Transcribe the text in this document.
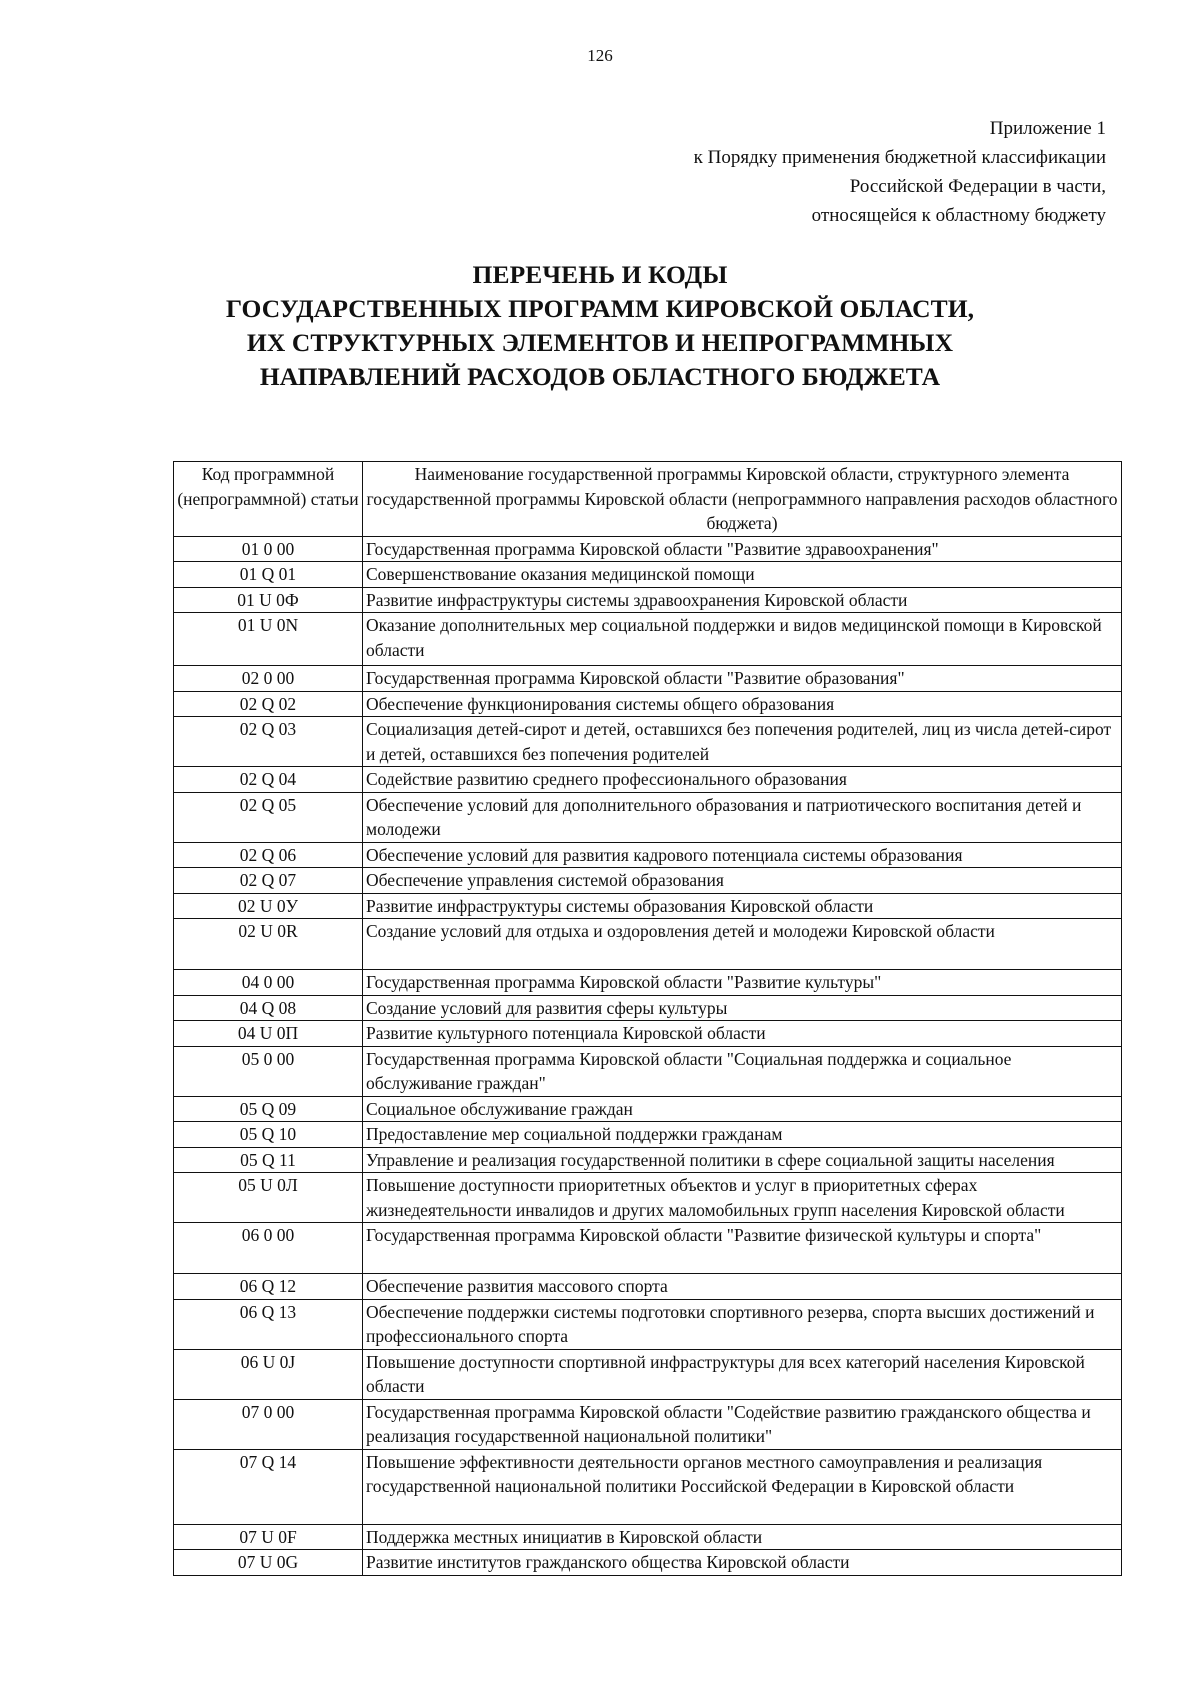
126
Приложение 1
к Порядку применения бюджетной классификации
Российской Федерации в части,
относящейся к областному бюджету
ПЕРЕЧЕНЬ И КОДЫ
ГОСУДАРСТВЕННЫХ ПРОГРАММ КИРОВСКОЙ ОБЛАСТИ,
ИХ СТРУКТУРНЫХ ЭЛЕМЕНТОВ И НЕПРОГРАММНЫХ
НАПРАВЛЕНИЙ РАСХОДОВ ОБЛАСТНОГО БЮДЖЕТА
Код программной (непрограммной) статьи	Наименование государственной программы Кировской области, структурного элемента государственной программы Кировской области (непрограммного направления расходов областного бюджета)
01 0 00	Государственная программа Кировской области "Развитие здравоохранения"
01 Q 01	Совершенствование оказания медицинской помощи
01 U 0Ф	Развитие инфраструктуры системы здравоохранения Кировской области
01 U 0N	Оказание дополнительных мер социальной поддержки и видов медицинской помощи в Кировской области
02 0 00	Государственная программа Кировской области "Развитие образования"
02 Q 02	Обеспечение функционирования системы общего образования
02 Q 03	Социализация детей-сирот и детей, оставшихся без попечения родителей, лиц из числа детей-сирот и детей, оставшихся без попечения родителей
02 Q 04	Содействие развитию среднего профессионального образования
02 Q 05	Обеспечение условий для дополнительного образования и патриотического воспитания детей и молодежи
02 Q 06	Обеспечение условий для развития кадрового потенциала системы образования
02 Q 07	Обеспечение управления системой образования
02 U 0У	Развитие инфраструктуры системы образования Кировской области
02 U 0R	Создание условий для отдыха и оздоровления детей и молодежи Кировской области
04 0 00	Государственная программа Кировской области "Развитие культуры"
04 Q 08	Создание условий для развития сферы культуры
04 U 0П	Развитие культурного потенциала Кировской области
05 0 00	Государственная программа Кировской области "Социальная поддержка и социальное обслуживание граждан"
05 Q 09	Социальное обслуживание граждан
05 Q 10	Предоставление мер социальной поддержки гражданам
05 Q 11	Управление и реализация государственной политики в сфере социальной защиты населения
05 U 0Л	Повышение доступности приоритетных объектов и услуг в приоритетных сферах жизнедеятельности инвалидов и других маломобильных групп населения Кировской области
06 0 00	Государственная программа Кировской области "Развитие физической культуры и спорта"
06 Q 12	Обеспечение развития массового спорта
06 Q 13	Обеспечение поддержки системы подготовки спортивного резерва, спорта высших достижений и профессионального спорта
06 U 0J	Повышение доступности спортивной инфраструктуры для всех категорий населения Кировской области
07 0 00	Государственная программа Кировской области "Содействие развитию гражданского общества и реализация государственной национальной политики"
07 Q 14	Повышение эффективности деятельности органов местного самоуправления и реализация государственной национальной политики Российской Федерации в Кировской области
07 U 0F	Поддержка местных инициатив в Кировской области
07 U 0G	Развитие институтов гражданского общества Кировской области
